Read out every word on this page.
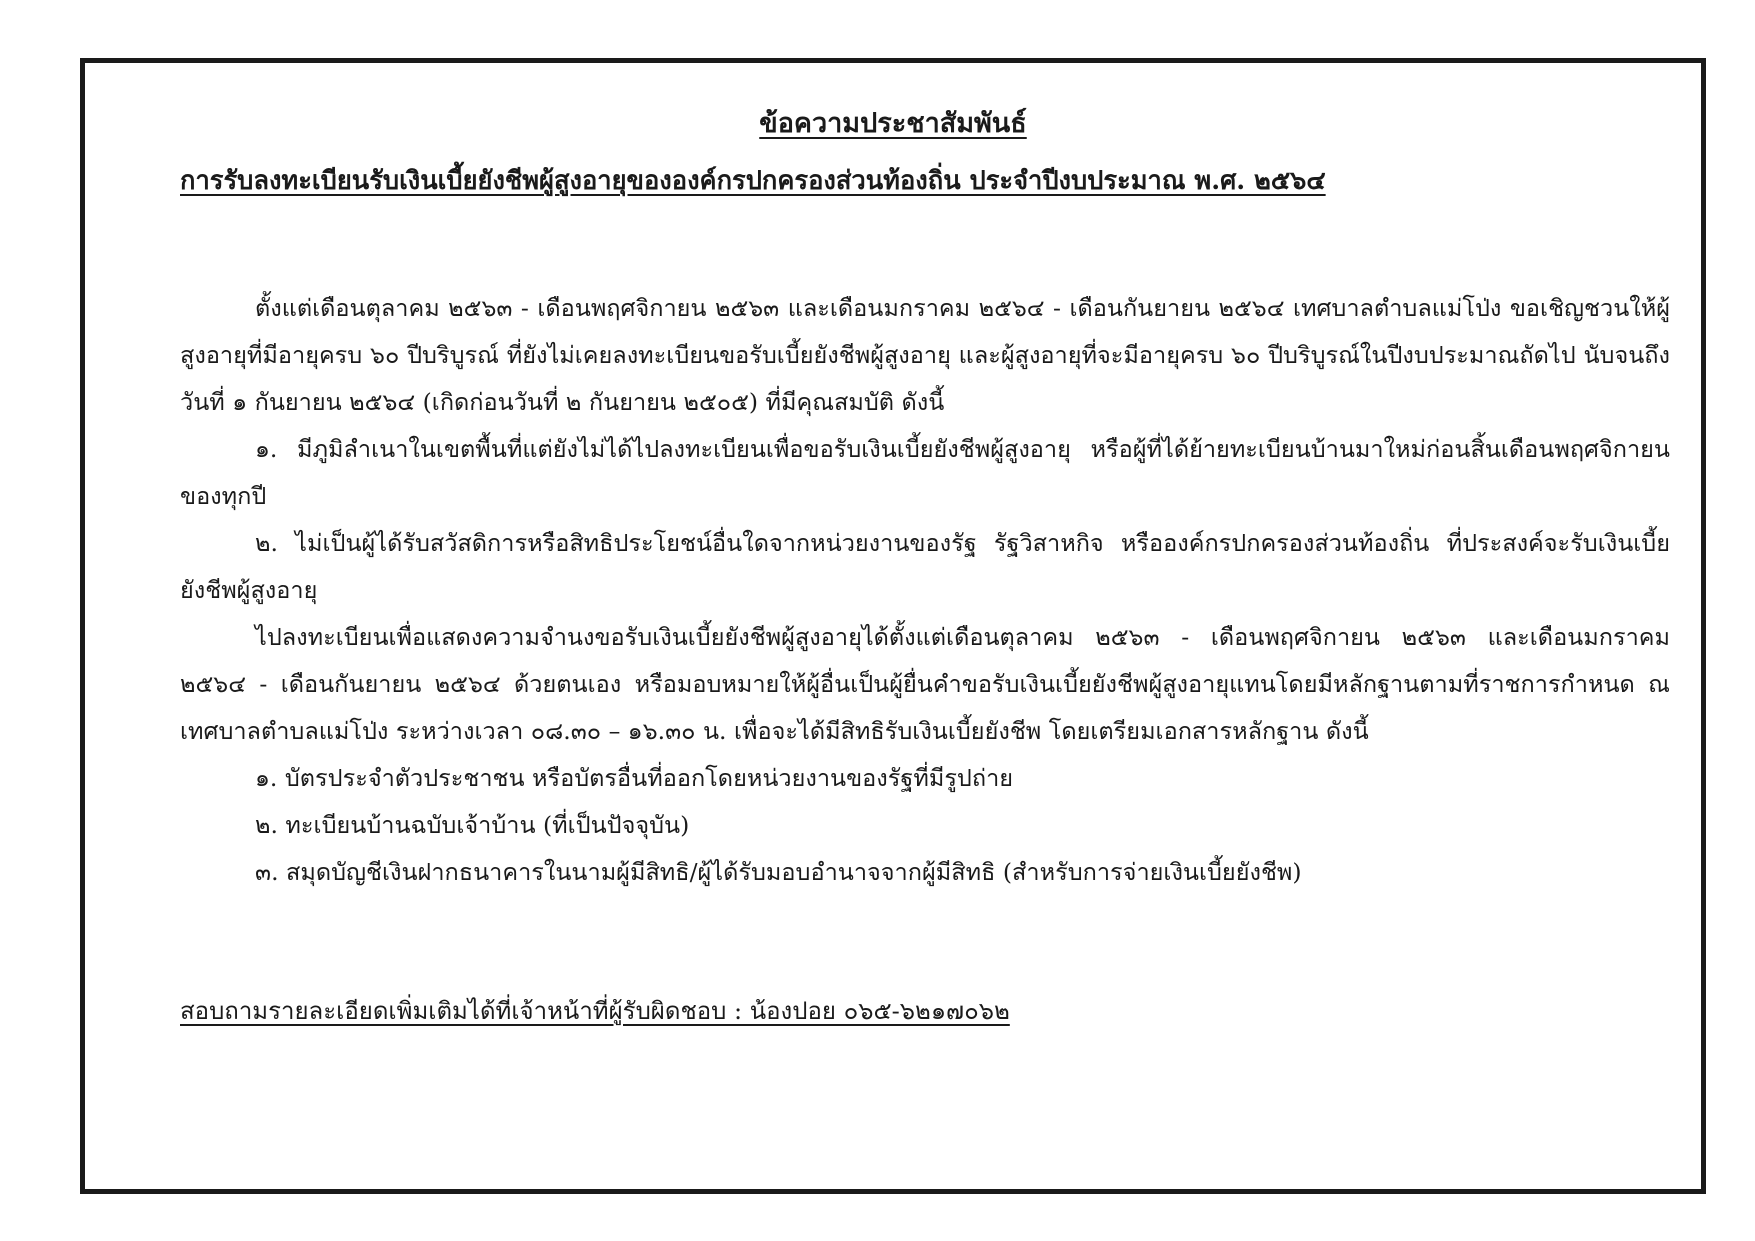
ข้อความประชาสัมพันธ์
การรับลงทะเบียนรับเงินเบี้ยยังชีพผู้สูงอายุขององค์กรปกครองส่วนท้องถิ่น ประจำปีงบประมาณ พ.ศ. ๒๕๖๔

ตั้งแต่เดือนตุลาคม ๒๕๖๓ - เดือนพฤศจิกายน ๒๕๖๓ และเดือนมกราคม ๒๕๖๔ - เดือนกันยายน ๒๕๖๔ เทศบาลตำบลแม่โป่ง ขอเชิญชวนให้ผู้สูงอายุที่มีอายุครบ ๖๐ ปีบริบูรณ์ ที่ยังไม่เคยลงทะเบียนขอรับเบี้ยยังชีพผู้สูงอายุ และผู้สูงอายุที่จะมีอายุครบ ๖๐ ปีบริบูรณ์ในปีงบประมาณถัดไป นับจนถึงวันที่ ๑ กันยายน ๒๕๖๔ (เกิดก่อนวันที่ ๒ กันยายน ๒๕๐๕) ที่มีคุณสมบัติ ดังนี้

๑. มีภูมิลำเนาในเขตพื้นที่แต่ยังไม่ได้ไปลงทะเบียนเพื่อขอรับเงินเบี้ยยังชีพผู้สูงอายุ หรือผู้ที่ได้ย้ายทะเบียนบ้านมาใหม่ก่อนสิ้นเดือนพฤศจิกายนของทุกปี

๒. ไม่เป็นผู้ได้รับสวัสดิการหรือสิทธิประโยชน์อื่นใดจากหน่วยงานของรัฐ รัฐวิสาหกิจ หรือองค์กรปกครองส่วนท้องถิ่น ที่ประสงค์จะรับเงินเบี้ยยังชีพผู้สูงอายุ

ไปลงทะเบียนเพื่อแสดงความจำนงขอรับเงินเบี้ยยังชีพผู้สูงอายุได้ตั้งแต่เดือนตุลาคม ๒๕๖๓ - เดือนพฤศจิกายน ๒๕๖๓ และเดือนมกราคม ๒๕๖๔ - เดือนกันยายน ๒๕๖๔ ด้วยตนเอง หรือมอบหมายให้ผู้อื่นเป็นผู้ยื่นคำขอรับเงินเบี้ยยังชีพผู้สูงอายุแทนโดยมีหลักฐานตามที่ราชการกำหนด ณ เทศบาลตำบลแม่โป่ง ระหว่างเวลา ๐๘.๓๐ – ๑๖.๓๐ น. เพื่อจะได้มีสิทธิรับเงินเบี้ยยังชีพ โดยเตรียมเอกสารหลักฐาน ดังนี้

๑. บัตรประจำตัวประชาชน หรือบัตรอื่นที่ออกโดยหน่วยงานของรัฐที่มีรูปถ่าย

๒. ทะเบียนบ้านฉบับเจ้าบ้าน (ที่เป็นปัจจุบัน)

๓. สมุดบัญชีเงินฝากธนาคารในนามผู้มีสิทธิ/ผู้ได้รับมอบอำนาจจากผู้มีสิทธิ (สำหรับการจ่ายเงินเบี้ยยังชีพ)

สอบถามรายละเอียดเพิ่มเติมได้ที่เจ้าหน้าที่ผู้รับผิดชอบ : น้องปอย ๐๖๕-๖๒๑๗๐๖๒
